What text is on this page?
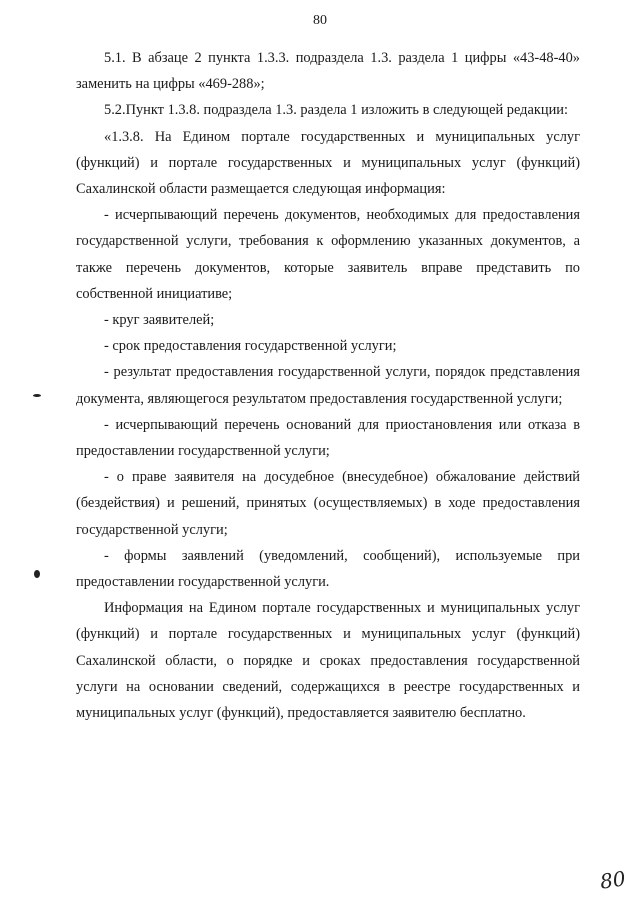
80

5.1. В абзаце 2 пункта 1.3.3. подраздела 1.3. раздела 1 цифры «43-48-40» заменить на цифры «469-288»;

5.2.Пункт 1.3.8. подраздела 1.3. раздела 1 изложить в следующей редакции:

«1.3.8. На Едином портале государственных и муниципальных услуг (функций) и портале государственных и муниципальных услуг (функций) Сахалинской области размещается следующая информация:

- исчерпывающий перечень документов, необходимых для предоставления государственной услуги, требования к оформлению указанных документов, а также перечень документов, которые заявитель вправе представить по собственной инициативе;

- круг заявителей;

- срок предоставления государственной услуги;

- результат предоставления государственной услуги, порядок представления документа, являющегося результатом предоставления государственной услуги;

- исчерпывающий перечень оснований для приостановления или отказа в предоставлении государственной услуги;

- о праве заявителя на досудебное (внесудебное) обжалование действий (бездействия) и решений, принятых (осуществляемых) в ходе предоставления государственной услуги;

- формы заявлений (уведомлений, сообщений), используемые при предоставлении государственной услуги.

Информация на Едином портале государственных и муниципальных услуг (функций) и портале государственных и муниципальных услуг (функций) Сахалинской области, о порядке и сроках предоставления государственной услуги на основании сведений, содержащихся в реестре государственных и муниципальных услуг (функций), предоставляется заявителю бесплатно.

80
